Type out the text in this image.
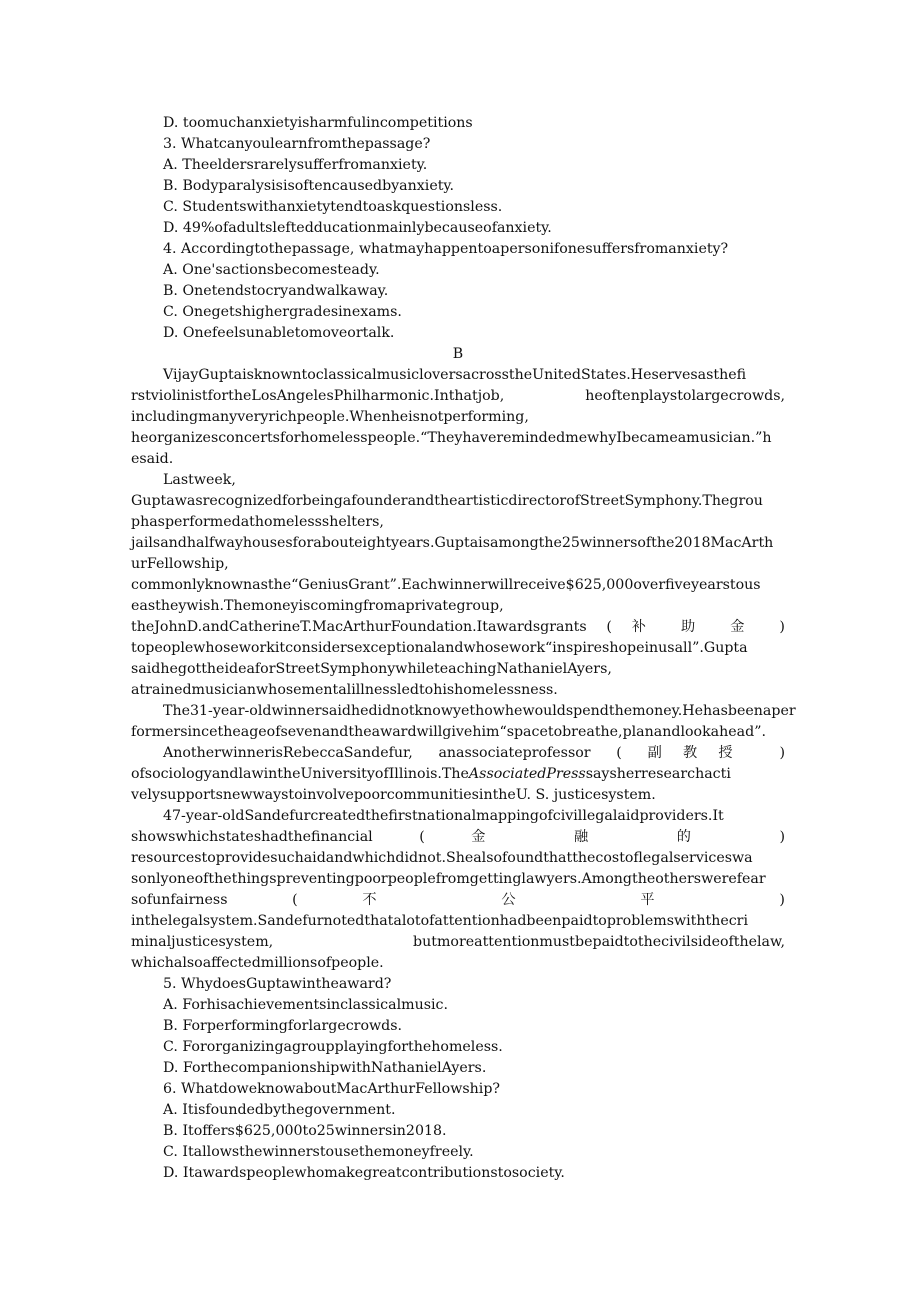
D. toomuchanxietyisharmfulincompetitions
3. Whatcanyoulearnfromthepassage?
A. Theeldersrarelysufferfromanxiety.
B. Bodyparalysisisoftencausedbyanxiety.
C. Studentswithanxietytendtoaskquestionsless.
D. 49%ofadultsleftedducationmainlybecauseofanxiety.
4. Accordingtothepassage, whatmayhappentoapersonifonesuffersfromanxiety?
A. One'sactionsbecomesteady.
B. Onetendstocryandwalkaway.
C. Onegetshighergradesinexams.
D. Onefeelsunabletomoveortalk.
B
VijayGuptaisknowntoclassicalmusicloversacrosstheUnitedStates.Heservesasthefi
rstviolinistfortheLosAngelesPhilharmonic.Inthatjob,	heoftenplaystolargecrowds,
includingmanyveryrichpeople.Whenheisnotperforming,
heorganizesconcertsforhomelesspeople.“TheyhaveremindedmewhyIbecameamusician.”h
esaid.
Lastweek,
GuptawasrecognizedforbeingafounderandtheartisticdirectorofStreetSymphony.Thegrou
phasperformedathomelessshelters,
jailsandhalfwayhousesforabouteightyears.Guptaisamongthe25winnersofthe2018MacArth
urFellowship,
commonlyknownasthe“GeniusGrant”.Eachwinnerwillreceive$625,000overfiveyearstous
eastheywish.Themoneyiscomingfromaprivategroup,
theJohnD.andCatherineT.MacArthurFoundation.Itawardsgrants ( 补 助 金 )
topeoplewhoseworkitconsidersexceptionalandwhosework“inspireshopeinusall”.Gupta
saidhegottheideaforStreetSymphonywhileteachingNathanielAyers,
atrainedmusicianwhosementalillnessledtohishomelessness.
The31-year-oldwinnersaidhedidnotknowyethowhewouldspendthemoney.Hehasbeenaper
formersincetheageofsevenandtheawardwillgivehim“spacetobreathe,planandlookahead”.
AnotherwinnerisRebeccaSandefur, anassociateprofessor ( 副教授 )
ofsociologyandlawintheUniversityofIllinois.TheAssociatedPresssaysherresearchacti
velysupportsnewwaystoinvolvepoorcommunitiesintheU. S. justicesystem.
47-year-oldSandefurcreatedthefirstnationalmappingofcivillegalaidproviders.It
showswhichstateshadthefinancial	(	金	融	的	)
resourcestoprovidesuchaidandwhichdidnot.Shealsofoundthatthecostoflegalserviceswa
sonlyoneofthethingspreventingpoorpeoplefromgettinglawyers.Amongtheotherswerefear
sofunfairness	(	不	公	平	)
inthelegalsystem.Sandefurnotedthatalotofattentionhadbeenpaidtoproblemswiththecri
minaljusticesystem,	butmoreattentionmustbepaidtothecivilsideofthelaw,
whichalsoaffectedmillionsofpeople.
5. WhydoesGuptawintheaward?
A. Forhisachievementsinclassicalmusic.
B. Forperformingforlargecrowds.
C. Fororganizingagroupplayingforthehomeless.
D. ForthecompanionshipwithNathanielAyers.
6. WhatdoweknowaboutMacArthurFellowship?
A. Itisfoundedbythegovernment.
B. Itoffers$625,000to25winnersin2018.
C. Itallowsthewinnerstousethemoneyfreely.
D. Itawardspeoplewhomakegreatcontributionstosociety.
